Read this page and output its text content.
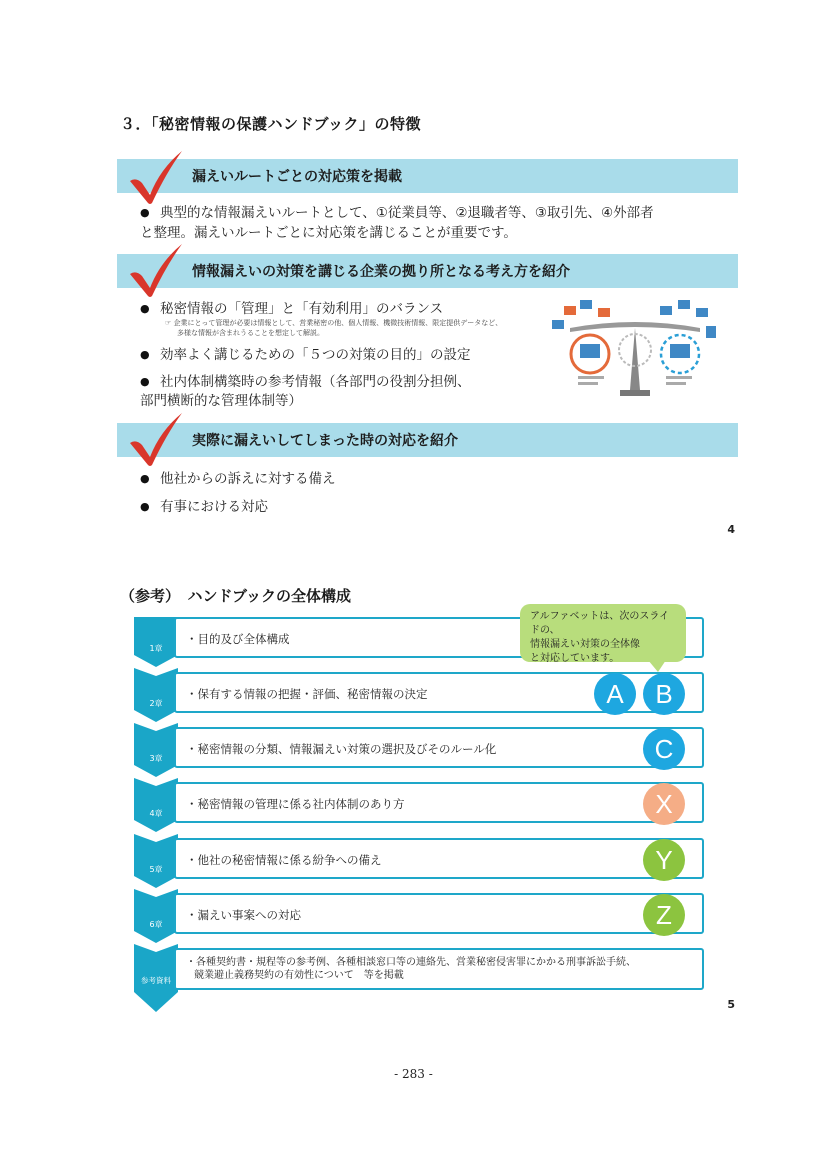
３．「秘密情報の保護ハンドブック」の特徴
漏えいルートごとの対応策を掲載
● 典型的な情報漏えいルートとして、①従業員等、②退職者等、③取引先、④外部者
と整理。漏えいルートごとに対応策を講じることが重要です。
情報漏えいの対策を講じる企業の拠り所となる考え方を紹介
● 秘密情報の「管理」と「有効利用」のバランス
☞ 企業にとって管理が必要は情報として、営業秘密の他、個人情報、機微技術情報、限定提供データなど、
多様な情報が含まれうることを想定して解説。
● 効率よく講じるための「５つの対策の目的」の設定
● 社内体制構築時の参考情報（各部門の役割分担例、
部門横断的な管理体制等）
実際に漏えいしてしまった時の対応を紹介
● 他社からの訴えに対する備え
● 有事における対応
4
（参考）　ハンドブックの全体構成
1章
・目的及び全体構成
2章
・保有する情報の把握・評価、秘密情報の決定
3章
・秘密情報の分類、情報漏えい対策の選択及びそのルール化
4章
・秘密情報の管理に係る社内体制のあり方
5章
・他社の秘密情報に係る紛争への備え
6章
・漏えい事案への対応
参考資料
・各種契約書・規程等の参考例、各種相談窓口等の連絡先、営業秘密侵害罪にかかる刑事訴訟手続、
競業避止義務契約の有効性について　等を掲載
アルファベットは、次のスライドの、
情報漏えい対策の全体像
と対応しています。
A	B
C
X
Y
Z
5
- 283 -
